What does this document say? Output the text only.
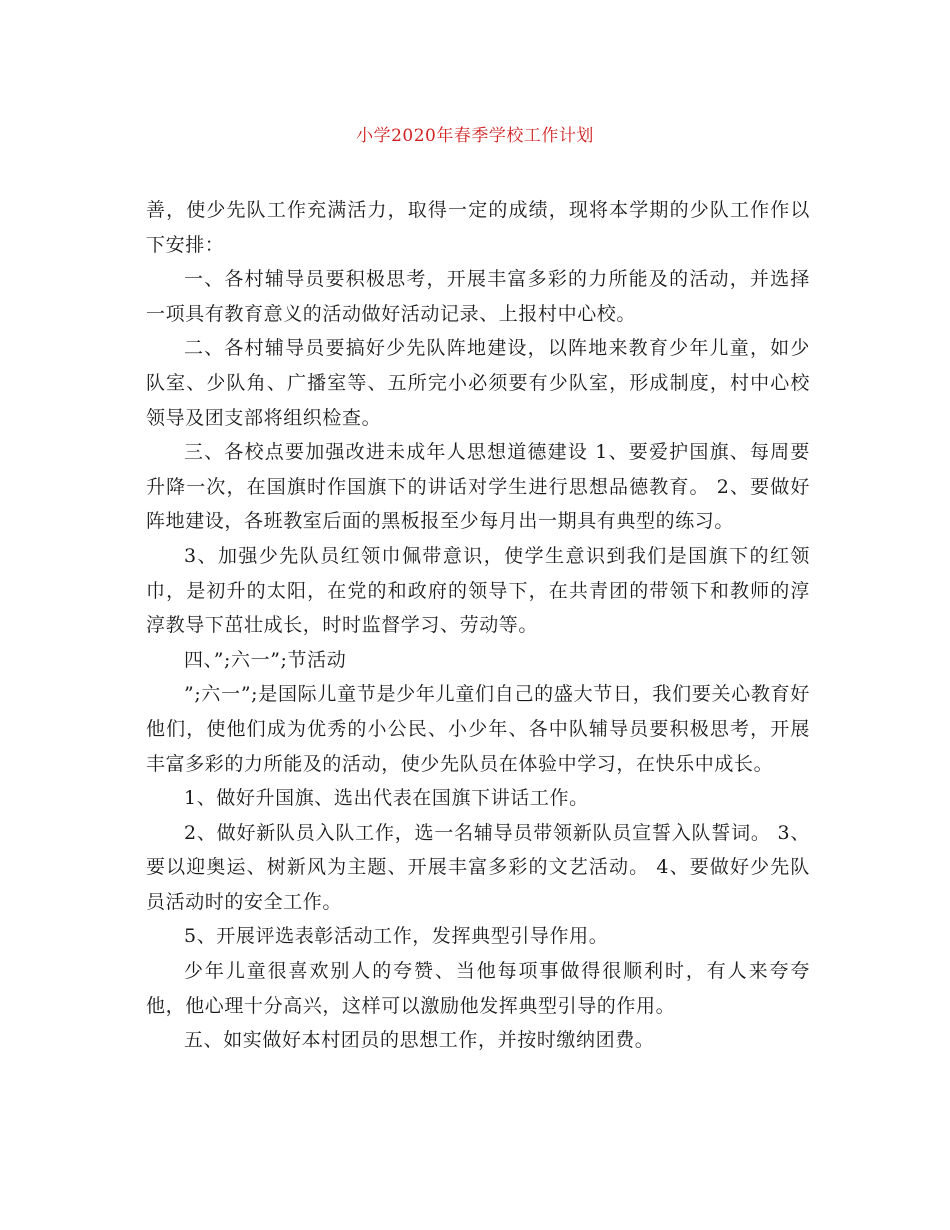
小学2020年春季学校工作计划

善，使少先队工作充满活力，取得一定的成绩，现将本学期的少队工作作以下安排：

一、各村辅导员要积极思考，开展丰富多彩的力所能及的活动，并选择一项具有教育意义的活动做好活动记录、上报村中心校。

二、各村辅导员要搞好少先队阵地建设，以阵地来教育少年儿童，如少队室、少队角、广播室等、五所完小必须要有少队室，形成制度，村中心校领导及团支部将组织检查。

三、各校点要加强改进未成年人思想道德建设 1、要爱护国旗、每周要升降一次，在国旗时作国旗下的讲话对学生进行思想品德教育。 2、要做好阵地建设，各班教室后面的黑板报至少每月出一期具有典型的练习。

3、加强少先队员红领巾佩带意识，使学生意识到我们是国旗下的红领巾，是初升的太阳，在党的和政府的领导下，在共青团的带领下和教师的淳淳教导下茁壮成长，时时监督学习、劳动等。

四、”;六一”;节活动

”;六一”;是国际儿童节是少年儿童们自己的盛大节日，我们要关心教育好他们，使他们成为优秀的小公民、小少年、各中队辅导员要积极思考，开展丰富多彩的力所能及的活动，使少先队员在体验中学习，在快乐中成长。

1、做好升国旗、选出代表在国旗下讲话工作。

2、做好新队员入队工作，选一名辅导员带领新队员宣誓入队誓词。 3、要以迎奥运、树新风为主题、开展丰富多彩的文艺活动。 4、要做好少先队员活动时的安全工作。

5、开展评选表彰活动工作，发挥典型引导作用。

少年儿童很喜欢别人的夸赞、当他每项事做得很顺利时，有人来夸夸他，他心理十分高兴，这样可以激励他发挥典型引导的作用。

五、如实做好本村团员的思想工作，并按时缴纳团费。
